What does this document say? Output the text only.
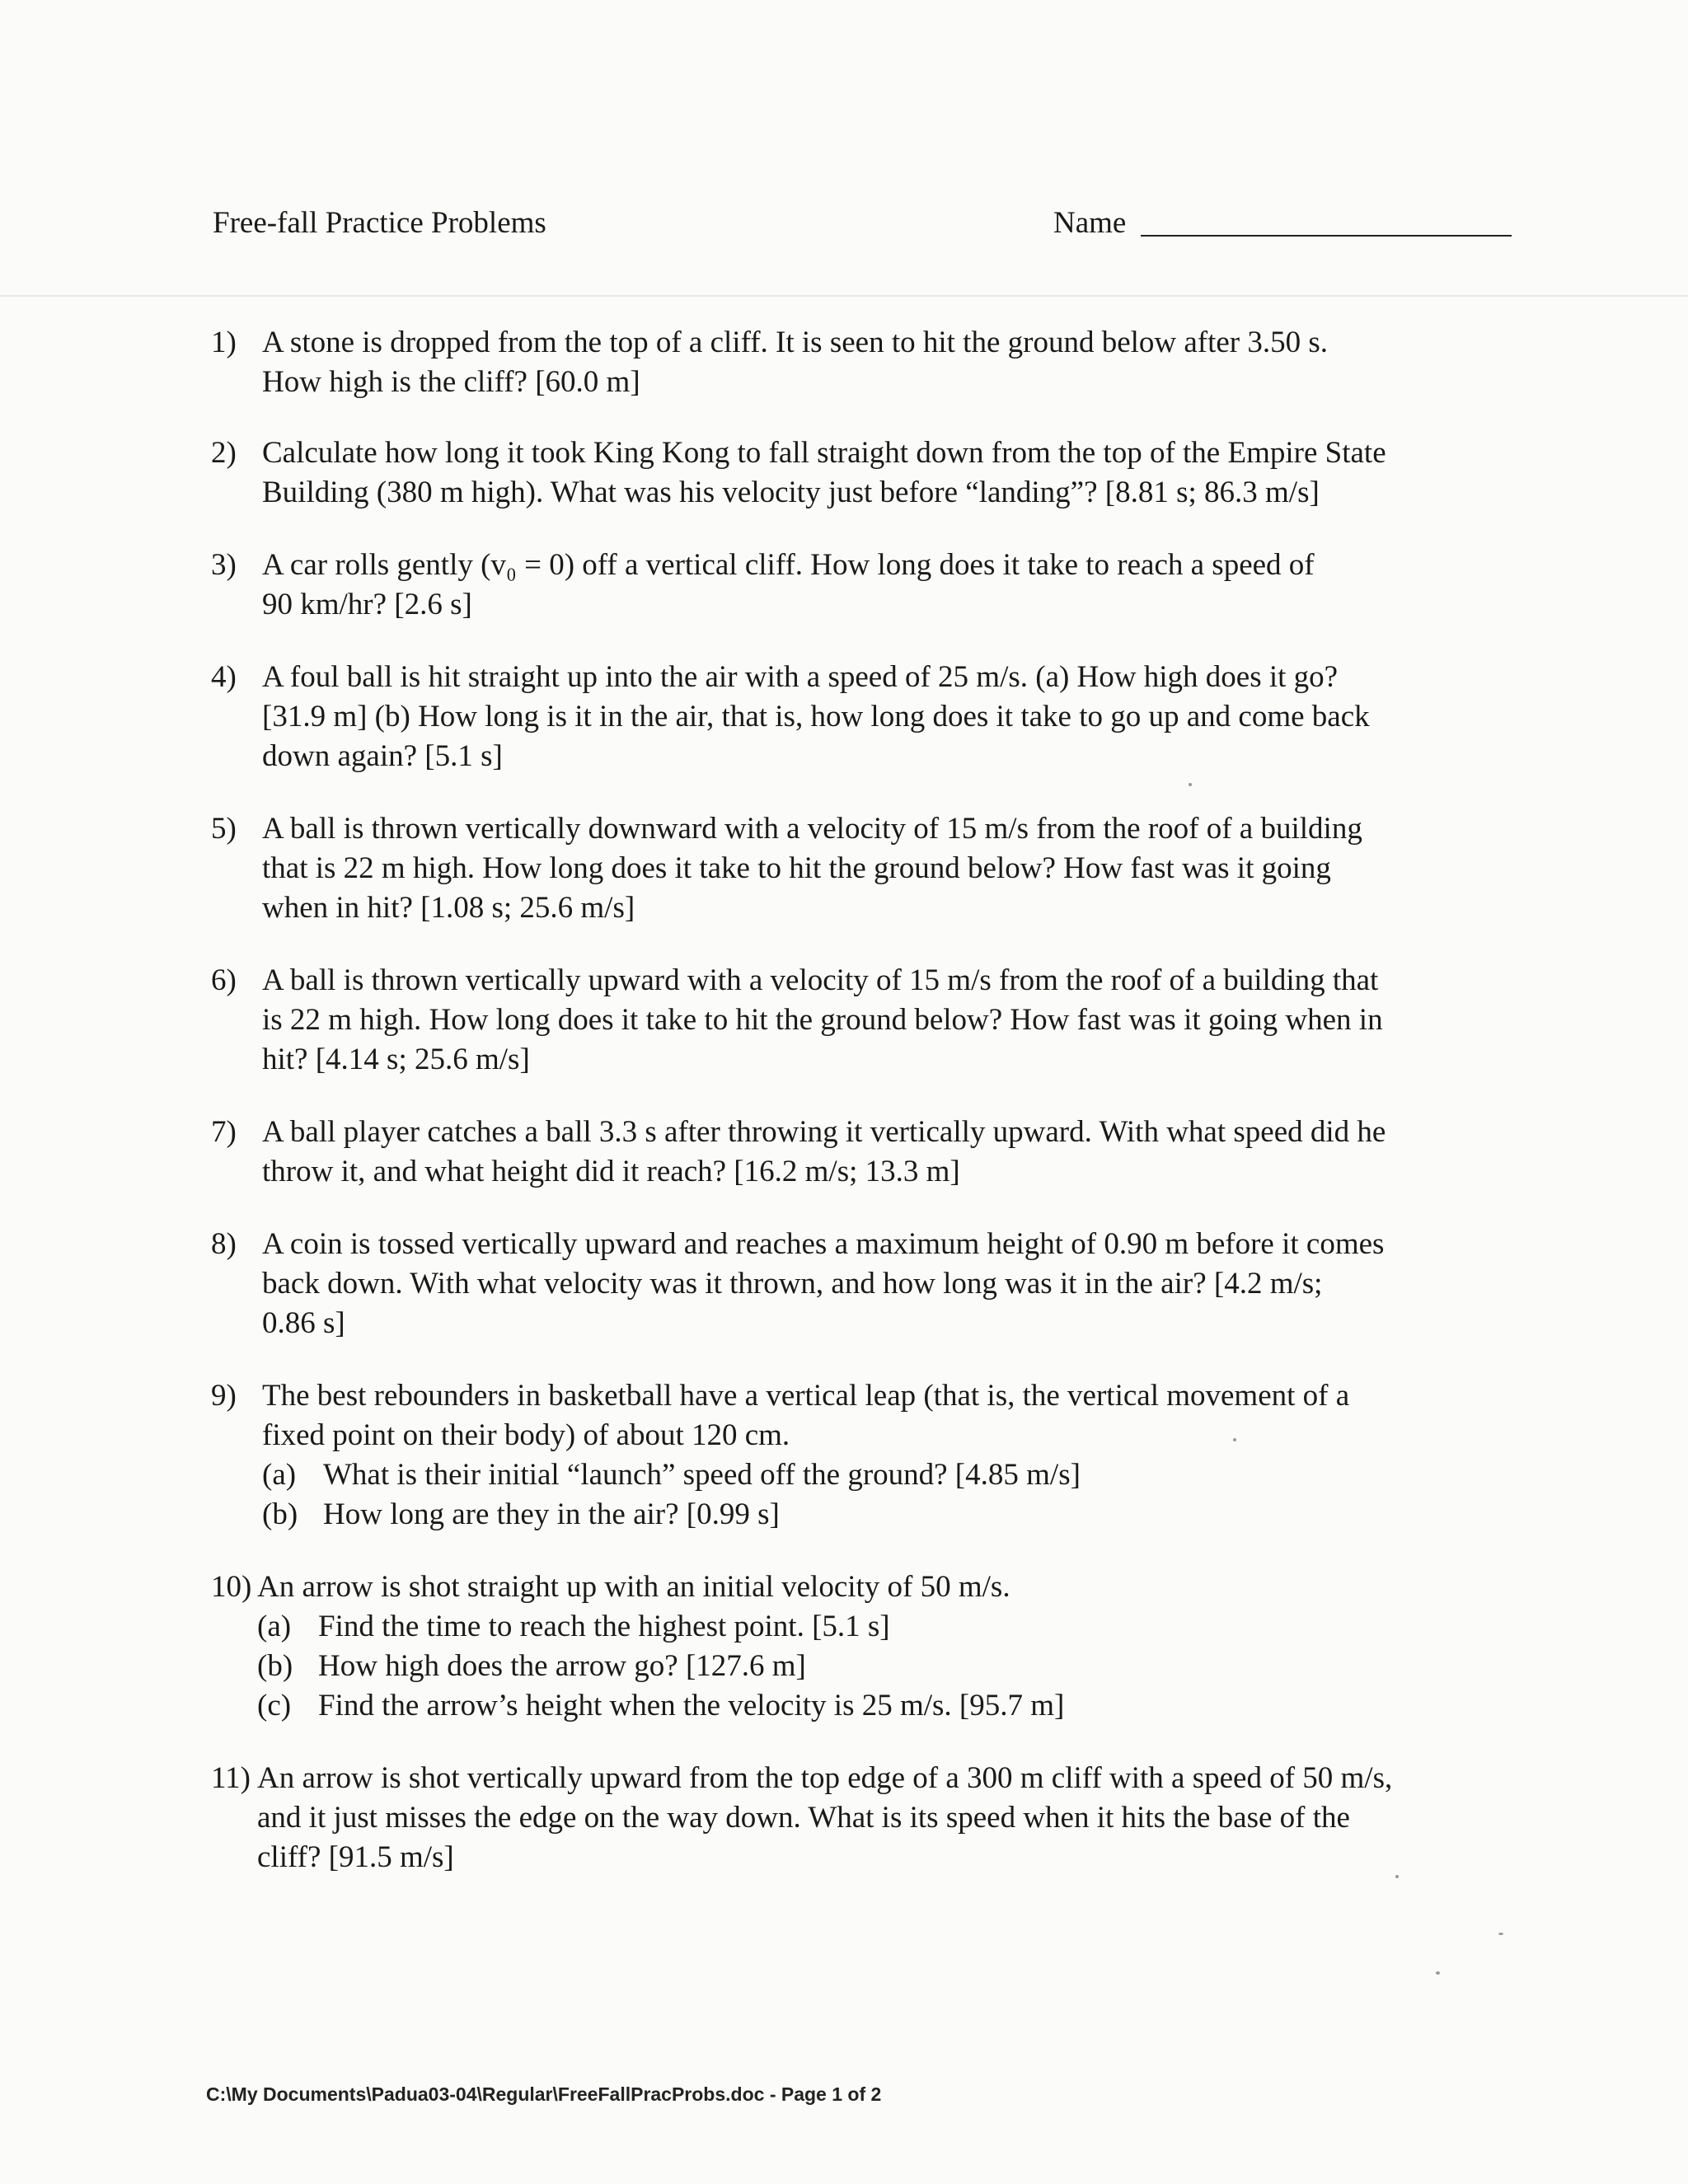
Free-fall Practice Problems	Name
1) A stone is dropped from the top of a cliff. It is seen to hit the ground below after 3.50 s.
How high is the cliff? [60.0 m]
2) Calculate how long it took King Kong to fall straight down from the top of the Empire State
Building (380 m high). What was his velocity just before “landing”? [8.81 s; 86.3 m/s]
3) A car rolls gently (v₀ = 0) off a vertical cliff. How long does it take to reach a speed of
90 km/hr? [2.6 s]
4) A foul ball is hit straight up into the air with a speed of 25 m/s. (a) How high does it go?
[31.9 m] (b) How long is it in the air, that is, how long does it take to go up and come back
down again? [5.1 s]
5) A ball is thrown vertically downward with a velocity of 15 m/s from the roof of a building
that is 22 m high. How long does it take to hit the ground below? How fast was it going
when in hit? [1.08 s; 25.6 m/s]
6) A ball is thrown vertically upward with a velocity of 15 m/s from the roof of a building that
is 22 m high. How long does it take to hit the ground below? How fast was it going when in
hit? [4.14 s; 25.6 m/s]
7) A ball player catches a ball 3.3 s after throwing it vertically upward. With what speed did he
throw it, and what height did it reach? [16.2 m/s; 13.3 m]
8) A coin is tossed vertically upward and reaches a maximum height of 0.90 m before it comes
back down. With what velocity was it thrown, and how long was it in the air? [4.2 m/s;
0.86 s]
9) The best rebounders in basketball have a vertical leap (that is, the vertical movement of a
fixed point on their body) of about 120 cm.
(a) What is their initial “launch” speed off the ground? [4.85 m/s]
(b) How long are they in the air? [0.99 s]
10) An arrow is shot straight up with an initial velocity of 50 m/s.
(a) Find the time to reach the highest point. [5.1 s]
(b) How high does the arrow go? [127.6 m]
(c) Find the arrow’s height when the velocity is 25 m/s. [95.7 m]
11) An arrow is shot vertically upward from the top edge of a 300 m cliff with a speed of 50 m/s,
and it just misses the edge on the way down. What is its speed when it hits the base of the
cliff? [91.5 m/s]
C:\My Documents\Padua03-04\Regular\FreeFallPracProbs.doc - Page 1 of 2
